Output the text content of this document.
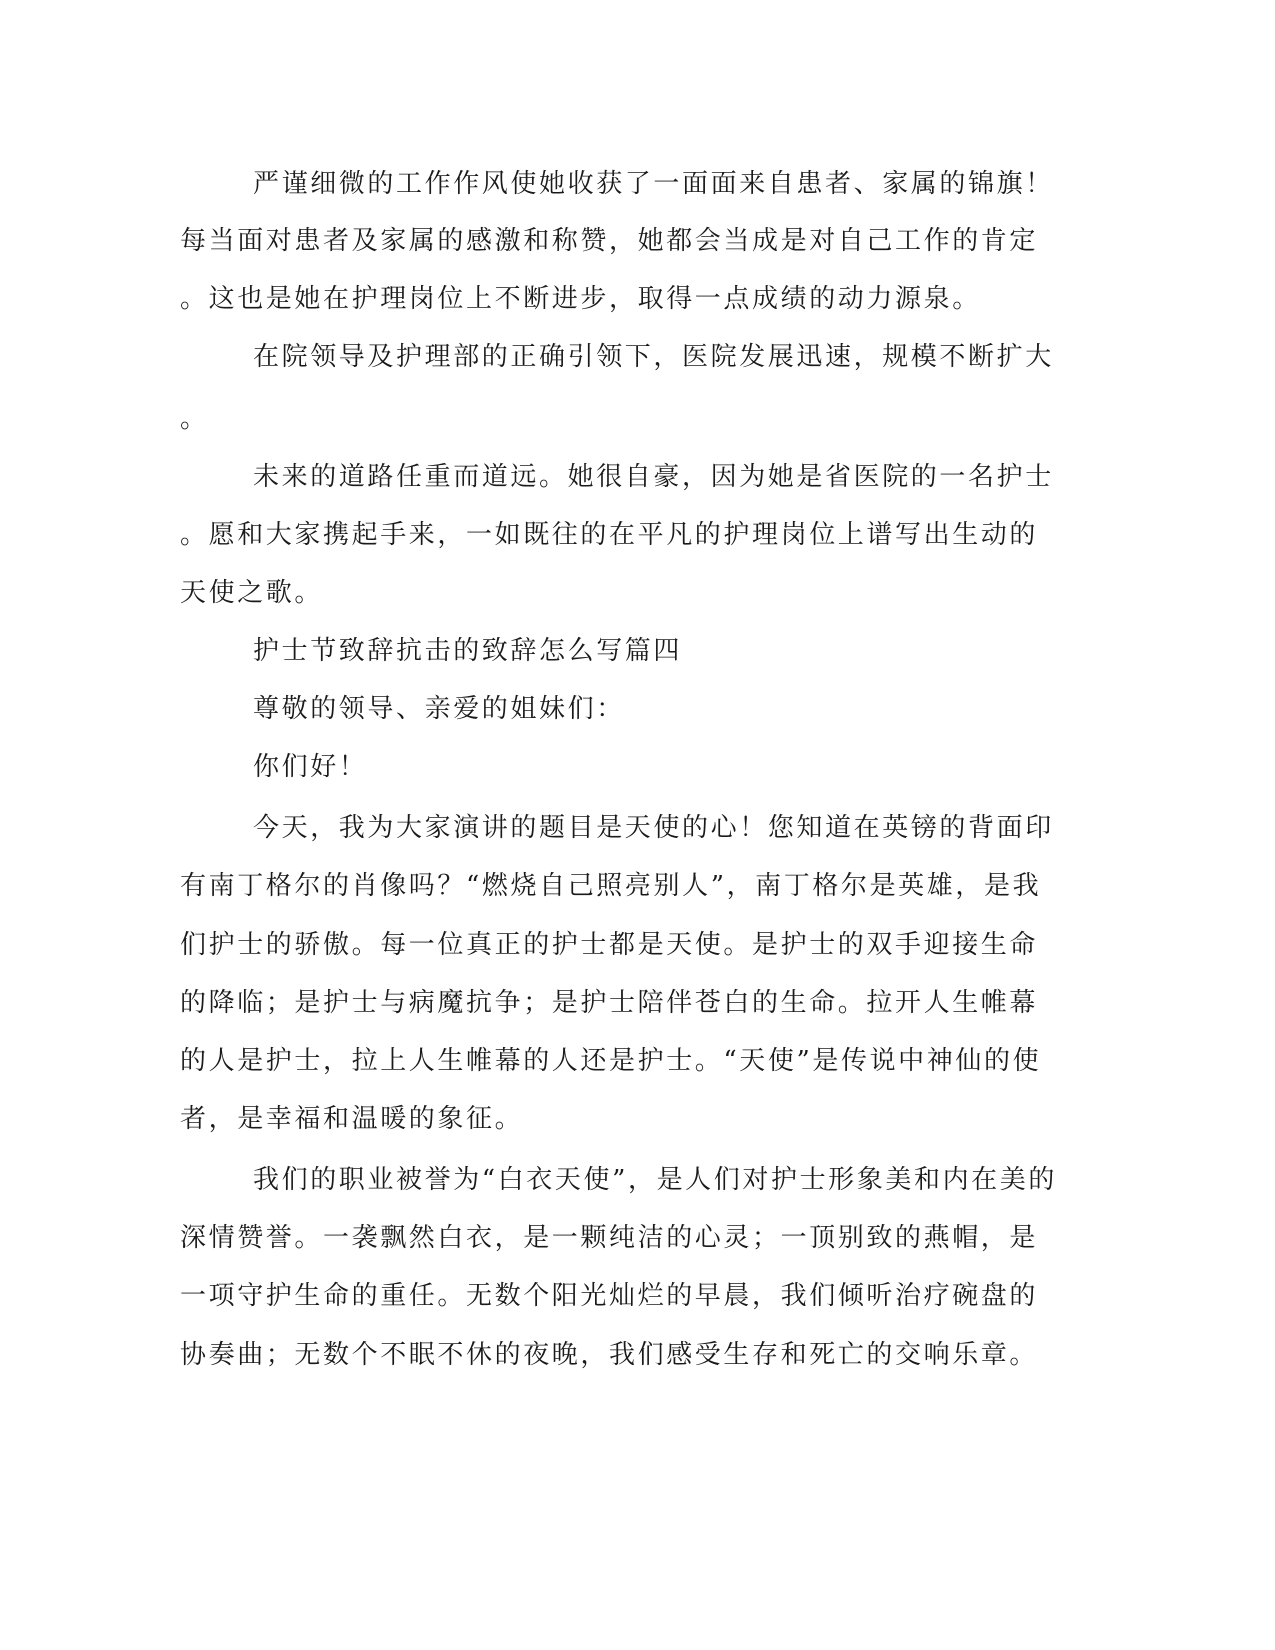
严谨细微的工作作风使她收获了一面面来自患者、家属的锦旗！
每当面对患者及家属的感激和称赞，她都会当成是对自己工作的肯定
。这也是她在护理岗位上不断进步，取得一点成绩的动力源泉。
在院领导及护理部的正确引领下，医院发展迅速，规模不断扩大
。
未来的道路任重而道远。她很自豪，因为她是省医院的一名护士
。愿和大家携起手来，一如既往的在平凡的护理岗位上谱写出生动的
天使之歌。
护士节致辞抗击的致辞怎么写篇四
尊敬的领导、亲爱的姐妹们：
你们好！
今天，我为大家演讲的题目是天使的心！您知道在英镑的背面印
有南丁格尔的肖像吗？“燃烧自己照亮别人”，南丁格尔是英雄，是我
们护士的骄傲。每一位真正的护士都是天使。是护士的双手迎接生命
的降临；是护士与病魔抗争；是护士陪伴苍白的生命。拉开人生帷幕
的人是护士，拉上人生帷幕的人还是护士。“天使”是传说中神仙的使
者，是幸福和温暖的象征。
我们的职业被誉为“白衣天使”，是人们对护士形象美和内在美的
深情赞誉。一袭飘然白衣，是一颗纯洁的心灵；一顶别致的燕帽，是
一项守护生命的重任。无数个阳光灿烂的早晨，我们倾听治疗碗盘的
协奏曲；无数个不眠不休的夜晚，我们感受生存和死亡的交响乐章。
